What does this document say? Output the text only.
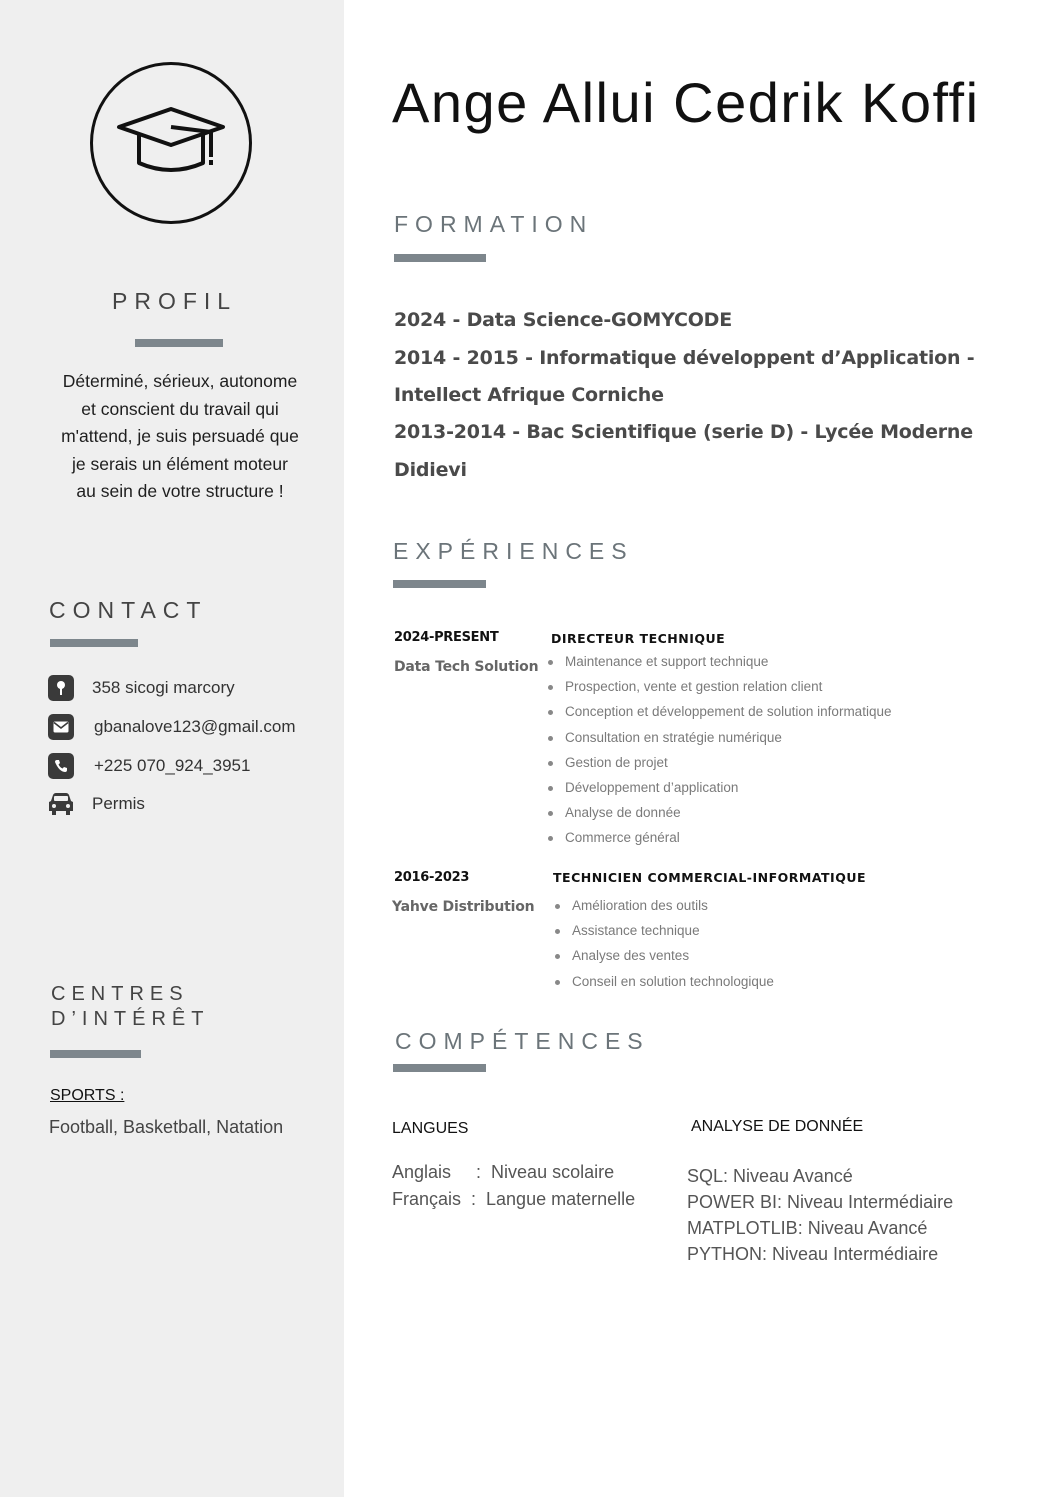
PROFIL
Déterminé, sérieux, autonome
et conscient du travail qui
m'attend, je suis persuadé que
je serais un élément moteur
au sein de votre structure !
CONTACT
358 sicogi marcory
gbanalove123@gmail.com
+225 070_924_3951
Permis
CENTRES
D’INTÉRÊT
SPORTS :
Football, Basketball, Natation
Ange Allui Cedrik Koffi
FORMATION
2024 - Data Science-GOMYCODE
2014 - 2015 - Informatique développent d’Application -
Intellect Afrique Corniche
2013-2014 - Bac Scientifique (serie D) - Lycée Moderne
Didievi
EXPÉRIENCES
2024-PRESENT
Data Tech Solution
DIRECTEUR TECHNIQUE
Maintenance et support technique
Prospection, vente et gestion relation client
Conception et développement de solution informatique
Consultation en stratégie numérique
Gestion de projet
Développement d’application
Analyse de donnée
Commerce général
2016-2023
Yahve Distribution
TECHNICIEN COMMERCIAL-INFORMATIQUE
Amélioration des outils
Assistance technique
Analyse des ventes
Conseil en solution technologique
COMPÉTENCES
LANGUES
Anglais     :  Niveau scolaire
Français  :  Langue maternelle
ANALYSE DE DONNÉE
SQL: Niveau Avancé
POWER BI: Niveau Intermédiaire
MATPLOTLIB: Niveau Avancé
PYTHON: Niveau Intermédiaire
